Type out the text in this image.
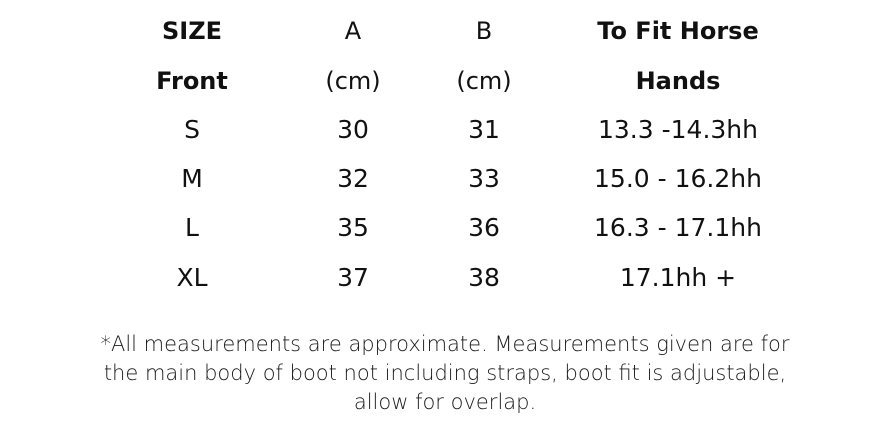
SIZE	A	B	To Fit Horse
Front	(cm)	(cm)	Hands
S	30	31	13.3 -14.3hh
M	32	33	15.0 - 16.2hh
L	35	36	16.3 - 17.1hh
XL	37	38	17.1hh +
*All measurements are approximate. Measurements given are for
the main body of boot not including straps, boot fit is adjustable,
allow for overlap.
